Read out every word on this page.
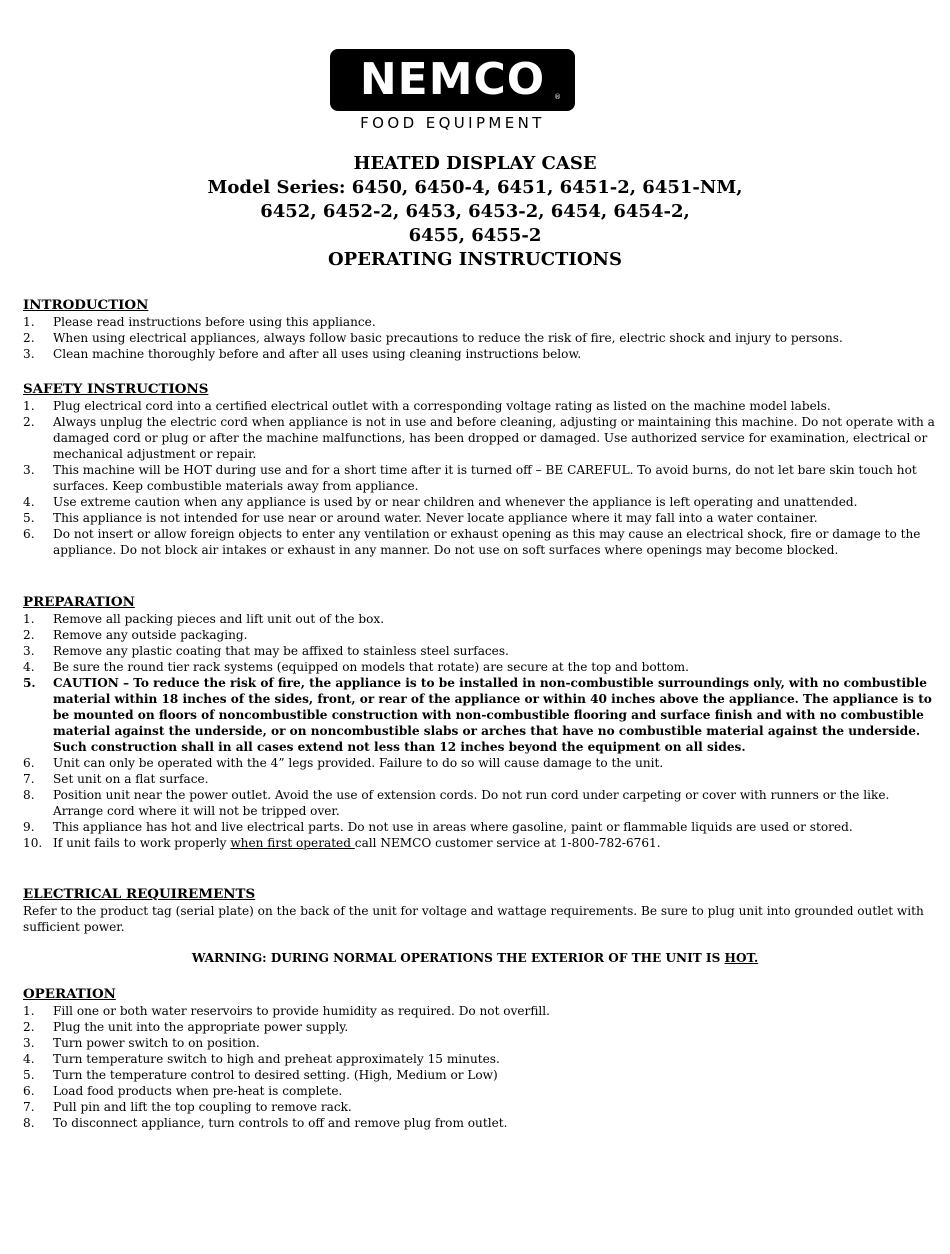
NEMCO ®
FOOD EQUIPMENT
HEATED DISPLAY CASE
Model Series: 6450, 6450-4, 6451, 6451-2, 6451-NM,
6452, 6452-2, 6453, 6453-2, 6454, 6454-2,
6455, 6455-2
OPERATING INSTRUCTIONS
INTRODUCTION
1. Please read instructions before using this appliance.
2. When using electrical appliances, always follow basic precautions to reduce the risk of fire, electric shock and injury to persons.
3. Clean machine thoroughly before and after all uses using cleaning instructions below.
SAFETY INSTRUCTIONS
1. Plug electrical cord into a certified electrical outlet with a corresponding voltage rating as listed on the machine model labels.
2. Always unplug the electric cord when appliance is not in use and before cleaning, adjusting or maintaining this machine. Do not operate with a damaged cord or plug or after the machine malfunctions, has been dropped or damaged. Use authorized service for examination, electrical or mechanical adjustment or repair.
3. This machine will be HOT during use and for a short time after it is turned off – BE CAREFUL. To avoid burns, do not let bare skin touch hot surfaces. Keep combustible materials away from appliance.
4. Use extreme caution when any appliance is used by or near children and whenever the appliance is left operating and unattended.
5. This appliance is not intended for use near or around water. Never locate appliance where it may fall into a water container.
6. Do not insert or allow foreign objects to enter any ventilation or exhaust opening as this may cause an electrical shock, fire or damage to the appliance. Do not block air intakes or exhaust in any manner. Do not use on soft surfaces where openings may become blocked.
PREPARATION
1. Remove all packing pieces and lift unit out of the box.
2. Remove any outside packaging.
3. Remove any plastic coating that may be affixed to stainless steel surfaces.
4. Be sure the round tier rack systems (equipped on models that rotate) are secure at the top and bottom.
5. CAUTION – To reduce the risk of fire, the appliance is to be installed in non-combustible surroundings only, with no combustible material within 18 inches of the sides, front, or rear of the appliance or within 40 inches above the appliance. The appliance is to be mounted on floors of noncombustible construction with non-combustible flooring and surface finish and with no combustible material against the underside, or on noncombustible slabs or arches that have no combustible material against the underside. Such construction shall in all cases extend not less than 12 inches beyond the equipment on all sides.
6. Unit can only be operated with the 4” legs provided. Failure to do so will cause damage to the unit.
7. Set unit on a flat surface.
8. Position unit near the power outlet. Avoid the use of extension cords. Do not run cord under carpeting or cover with runners or the like. Arrange cord where it will not be tripped over.
9. This appliance has hot and live electrical parts. Do not use in areas where gasoline, paint or flammable liquids are used or stored.
10. If unit fails to work properly when first operated call NEMCO customer service at 1-800-782-6761.
ELECTRICAL REQUIREMENTS
Refer to the product tag (serial plate) on the back of the unit for voltage and wattage requirements. Be sure to plug unit into grounded outlet with sufficient power.
WARNING: DURING NORMAL OPERATIONS THE EXTERIOR OF THE UNIT IS HOT.
OPERATION
1. Fill one or both water reservoirs to provide humidity as required. Do not overfill.
2. Plug the unit into the appropriate power supply.
3. Turn power switch to on position.
4. Turn temperature switch to high and preheat approximately 15 minutes.
5. Turn the temperature control to desired setting. (High, Medium or Low)
6. Load food products when pre-heat is complete.
7. Pull pin and lift the top coupling to remove rack.
8. To disconnect appliance, turn controls to off and remove plug from outlet.
